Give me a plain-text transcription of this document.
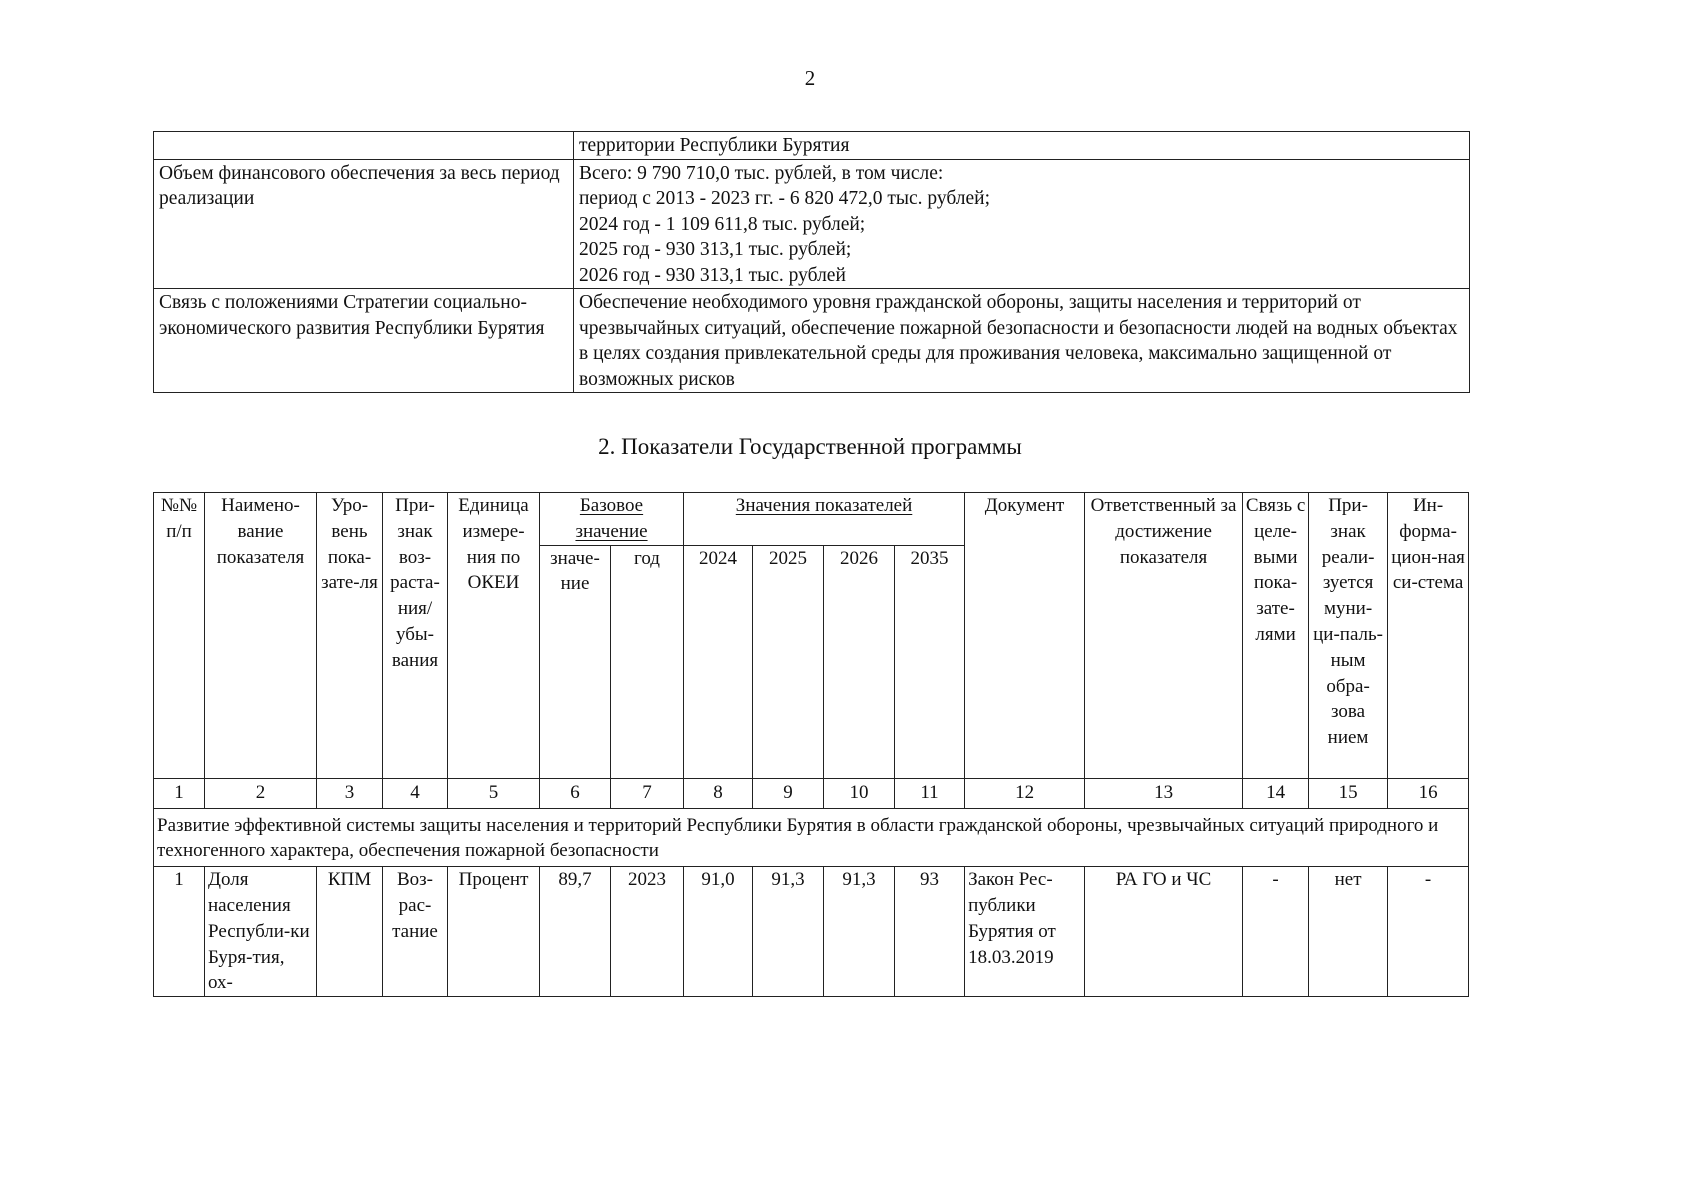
2
	территории Республики Бурятия
Объем финансового обеспечения за весь период реализации	Всего: 9 790 710,0 тыс. рублей, в том числе:

период с 2013 - 2023 гг. - 6 820 472,0 тыс. рублей;

2024 год - 1 109 611,8 тыс. рублей;

2025 год - 930 313,1 тыс. рублей;

2026 год - 930 313,1 тыс. рублей

Связь с положениями Стратегии социально-экономического развития Республики Бурятия	Обеспечение необходимого уровня гражданской обороны, защиты населения и территорий от чрезвычайных ситуаций, обеспечение пожарной безопасности и безопасности людей на водных объектах в целях создания привлекательной среды для проживания человека, максимально защищенной от возможных рисков
2. Показатели Государственной программы
№№ п/п	Наимено-вание показателя	Уро-вень пока-зате-ля	При-знак воз-раста-ния/ убы-вания	Единица измере-ния по ОКЕИ	Базовое значение		Значения показателей				Документ	Ответственный за достижение показателя	Связь с целе-выми пока-зате-лями	При-знак реали-зуется муни-ци-паль-ным обра-зова нием	Ин-форма-цион-ная си-стема
					значе-ние	год	2024	2025	2026	2035					
1	2	3	4	5	6	7	8	9	10	11	12	13	14	15	16
Развитие эффективной системы защиты населения и территорий Республики Бурятия в области гражданской обороны, чрезвычайных ситуаций природного и техногенного характера, обеспечения пожарной безопасности															
1	Доля населения Республи-ки Буря-тия, ох-	КПМ	Воз-рас-тание	Процент	89,7	2023	91,0	91,3	91,3	93	Закон Рес-публики Бурятия от 18.03.2019	РА ГО и ЧС	-	нет	-
